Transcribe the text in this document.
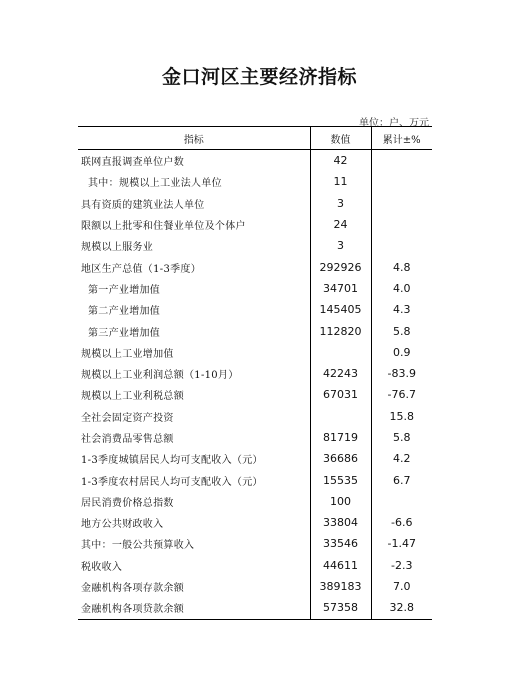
金口河区主要经济指标
单位：户、万元
指标	数值	累计±%
联网直报调查单位户数	42	
其中：规模以上工业法人单位	11	
具有资质的建筑业法人单位	3	
限额以上批零和住餐业单位及个体户	24	
规模以上服务业	3	
地区生产总值（1-3季度）	292926	4.8
第一产业增加值	34701	4.0
第二产业增加值	145405	4.3
第三产业增加值	112820	5.8
规模以上工业增加值		0.9
规模以上工业利润总额（1-10月）	42243	-83.9
规模以上工业利税总额	67031	-76.7
全社会固定资产投资		15.8
社会消费品零售总额	81719	5.8
1-3季度城镇居民人均可支配收入（元）	36686	4.2
1-3季度农村居民人均可支配收入（元）	15535	6.7
居民消费价格总指数	100	
地方公共财政收入	33804	-6.6
其中：一般公共预算收入	33546	-1.47
税收收入	44611	-2.3
金融机构各项存款余额	389183	7.0
金融机构各项贷款余额	57358	32.8
